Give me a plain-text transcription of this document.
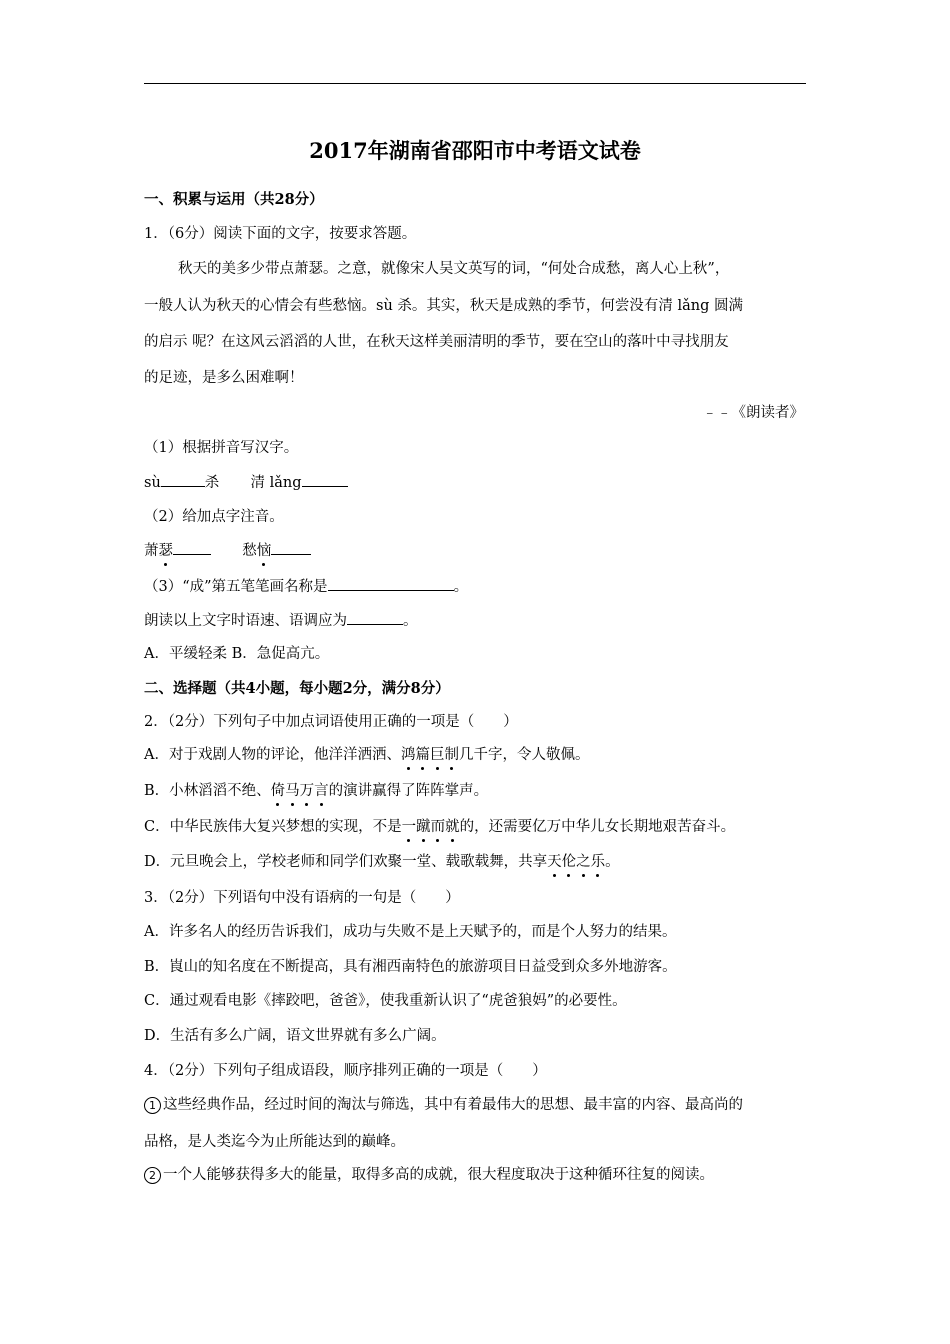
2017年湖南省邵阳市中考语文试卷
一、积累与运用（共28分）
1．（6分）阅读下面的文字，按要求答题。
秋天的美多少带点萧瑟。之意，就像宋人吴文英写的词，“何处合成愁，离人心上秋”，
一般人认为秋天的心情会有些愁恼。sù 杀。其实，秋天是成熟的季节，何尝没有清 lǎng 圆满
的启示 呢？在这风云滔滔的人世，在秋天这样美丽清明的季节，要在空山的落叶中寻找朋友
的足迹，是多么困难啊！
﹣﹣《朗读者》
（1）根据拼音写汉字。
sù	杀 清 lǎng
（2）给加点字注音。
萧瑟	愁恼
（3）“成”第五笔笔画名称是	。
朗读以上文字时语速、语调应为	。
A．平缓轻柔 B．急促高亢。
二、选择题（共4小题，每小题2分，满分8分）
2．（2分）下列句子中加点词语使用正确的一项是（　　）
A．对于戏剧人物的评论，他洋洋洒洒、鸿篇巨制几千字，令人敬佩。
B．小林滔滔不绝、倚马万言的演讲赢得了阵阵掌声。
C．中华民族伟大复兴梦想的实现，不是一蹴而就的，还需要亿万中华儿女长期地艰苦奋斗。
D．元旦晚会上，学校老师和同学们欢聚一堂、载歌载舞，共享天伦之乐。
3．（2分）下列语句中没有语病的一句是（　　）
A．许多名人的经历告诉我们，成功与失败不是上天赋予的，而是个人努力的结果。
B．崀山的知名度在不断提高，具有湘西南特色的旅游项目日益受到众多外地游客。
C．通过观看电影《摔跤吧，爸爸》，使我重新认识了“虎爸狼妈”的必要性。
D．生活有多么广阔，语文世界就有多么广阔。
4．（2分）下列句子组成语段，顺序排列正确的一项是（　　）
1 这些经典作品，经过时间的淘汰与筛选，其中有着最伟大的思想、最丰富的内容、最高尚的
品格，是人类迄今为止所能达到的巅峰。
2 一个人能够获得多大的能量，取得多高的成就，很大程度取决于这种循环往复的阅读。
